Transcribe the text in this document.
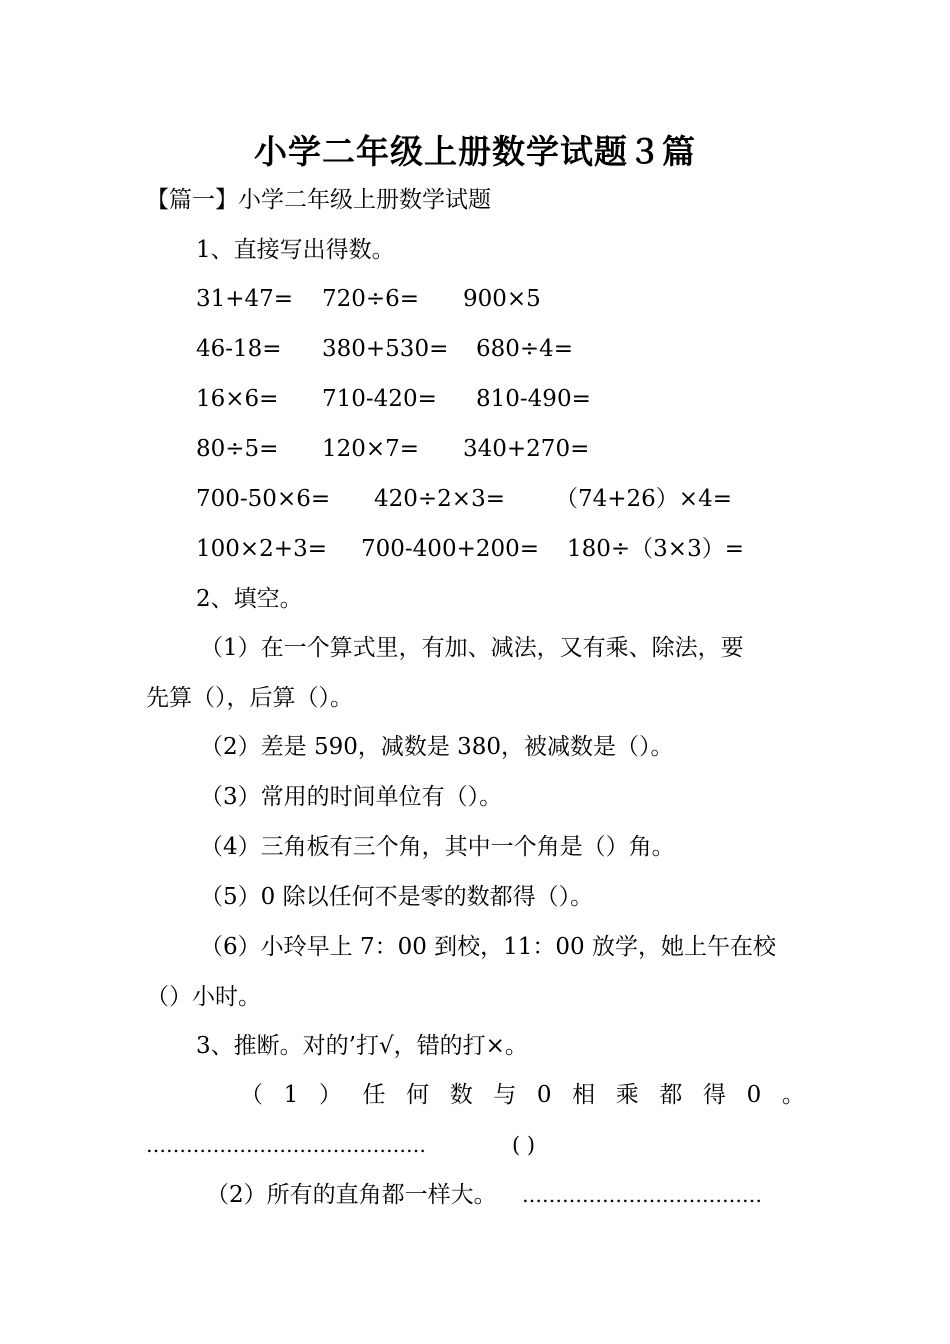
小学二年级上册数学试题３篇
【篇一】小学二年级上册数学试题
1、直接写出得数。
31+47= 720÷6= 900×5
46-18= 380+530= 680÷4=
16×6= 710-420= 810-490=
80÷5= 120×7= 340+270=
700-50×6= 420÷2×3= （74+26）×4=
100×2+3= 700-400+200= 180÷（3×3）=
2、填空。
（1）在一个算式里，有加、减法，又有乘、除法，要
先算（），后算（）。
（2）差是 590，减数是 380，被减数是（）。
（3）常用的时间单位有（）。
（4）三角板有三个角，其中一个角是（）角。
（5）0 除以任何不是零的数都得（）。
（6）小玲早上 7：00 到校，11：00 放学，她上午在校
（）小时。
3、推断。对的’打√，错的打×。
（ 1 ） 任 何 数 与 0 相 乘 都 得 0 。
……………………………………	( )
（2）所有的直角都一样大。 ………………………………
